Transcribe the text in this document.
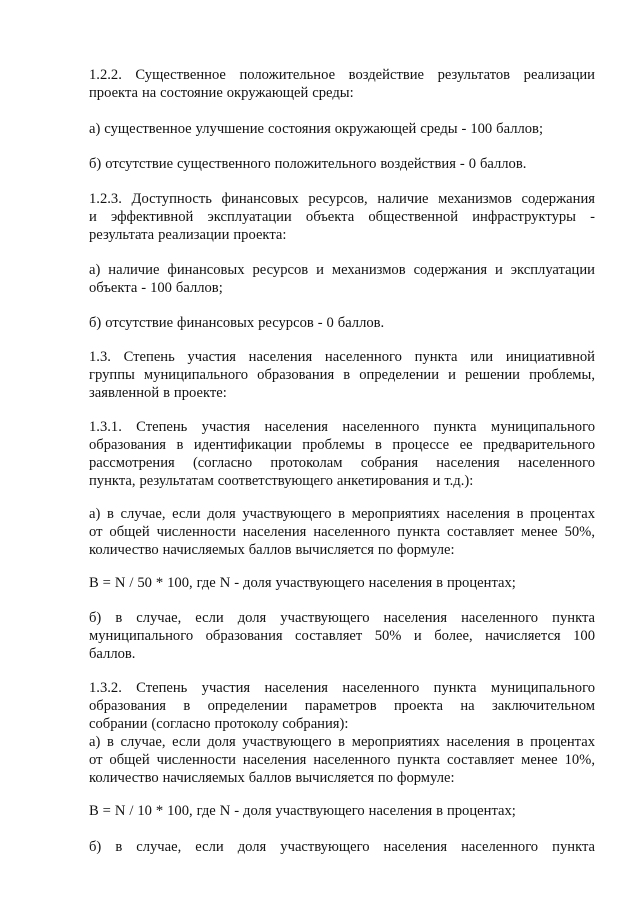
1.2.2. Существенное положительное воздействие результатов реализации
проекта на состояние окружающей среды:

а) существенное улучшение состояния окружающей среды - 100 баллов;

б) отсутствие существенного положительного воздействия - 0 баллов.

1.2.3. Доступность финансовых ресурсов, наличие механизмов содержания
и эффективной эксплуатации объекта общественной инфраструктуры -
результата реализации проекта:

а) наличие финансовых ресурсов и механизмов содержания и эксплуатации
объекта - 100 баллов;

б) отсутствие финансовых ресурсов - 0 баллов.

1.3. Степень участия населения населенного пункта или инициативной
группы муниципального образования в определении и решении проблемы,
заявленной в проекте:

1.3.1. Степень участия населения населенного пункта муниципального
образования в идентификации проблемы в процессе ее предварительного
рассмотрения (согласно протоколам собрания населения населенного
пункта, результатам соответствующего анкетирования и т.д.):

а) в случае, если доля участвующего в мероприятиях населения в процентах
от общей численности населения населенного пункта составляет менее 50%,
количество начисляемых баллов вычисляется по формуле:

В = N / 50 * 100, где N - доля участвующего населения в процентах;

б) в случае, если доля участвующего населения населенного пункта
муниципального образования составляет 50% и более, начисляется 100
баллов.

1.3.2. Степень участия населения населенного пункта муниципального
образования в определении параметров проекта на заключительном
собрании (согласно протоколу собрания):
а) в случае, если доля участвующего в мероприятиях населения в процентах
от общей численности населения населенного пункта составляет менее 10%,
количество начисляемых баллов вычисляется по формуле:

В = N / 10 * 100, где N - доля участвующего населения в процентах;

б) в случае, если доля участвующего населения населенного пункта
